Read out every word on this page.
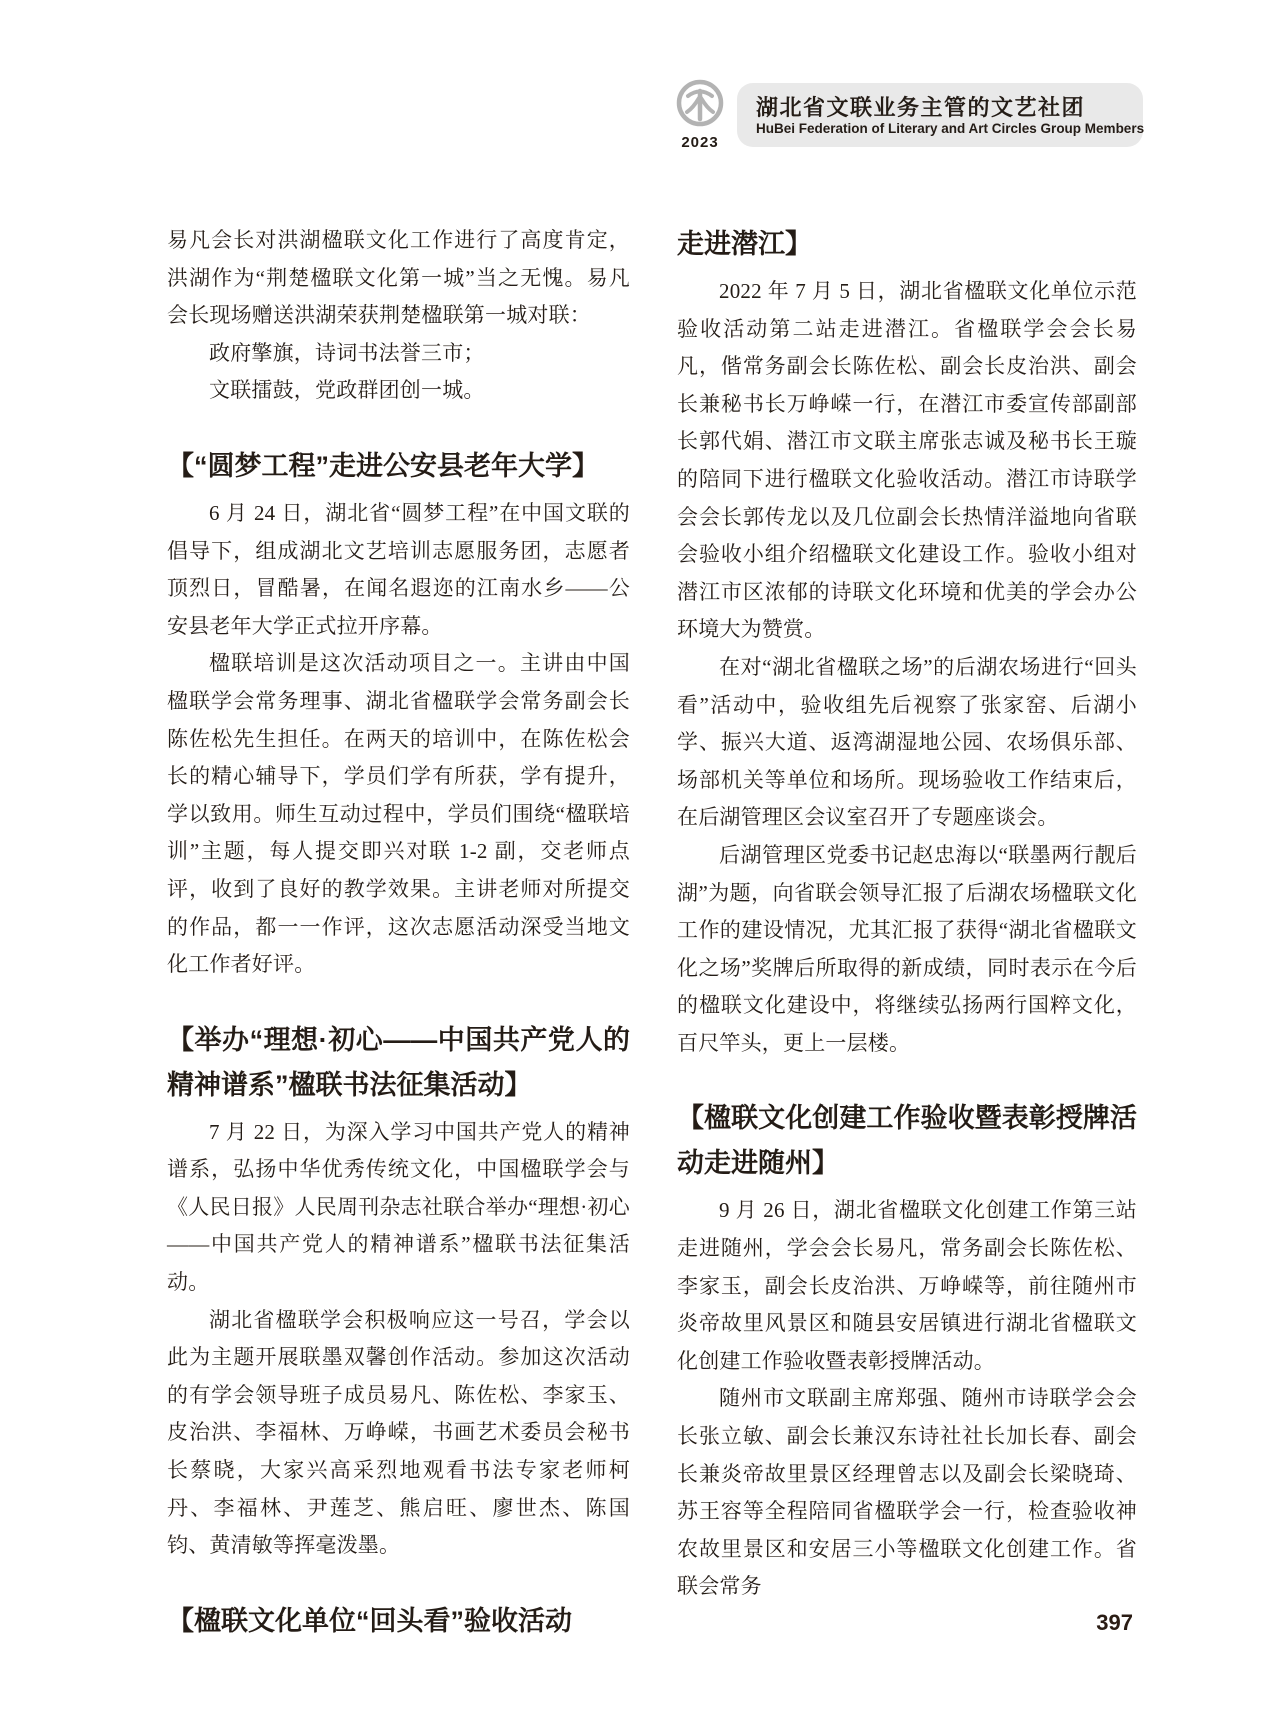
2023
湖北省文联业务主管的文艺社团
HuBei Federation of Literary and Art Circles Group Members
易凡会长对洪湖楹联文化工作进行了高度肯定，洪湖作为“荆楚楹联文化第一城”当之无愧。易凡会长现场赠送洪湖荣获荆楚楹联第一城对联：
政府擎旗，诗词书法誉三市；
文联擂鼓，党政群团创一城。
【“圆梦工程”走进公安县老年大学】
6 月 24 日，湖北省“圆梦工程”在中国文联的倡导下，组成湖北文艺培训志愿服务团，志愿者顶烈日，冒酷暑，在闻名遐迩的江南水乡——公安县老年大学正式拉开序幕。
楹联培训是这次活动项目之一。主讲由中国楹联学会常务理事、湖北省楹联学会常务副会长陈佐松先生担任。在两天的培训中，在陈佐松会长的精心辅导下，学员们学有所获，学有提升，学以致用。师生互动过程中，学员们围绕“楹联培训”主题，每人提交即兴对联 1-2 副，交老师点评，收到了良好的教学效果。主讲老师对所提交的作品，都一一作评，这次志愿活动深受当地文化工作者好评。
【举办“理想·初心——中国共产党人的精神谱系”楹联书法征集活动】
7 月 22 日，为深入学习中国共产党人的精神谱系，弘扬中华优秀传统文化，中国楹联学会与《人民日报》人民周刊杂志社联合举办“理想·初心——中国共产党人的精神谱系”楹联书法征集活动。
湖北省楹联学会积极响应这一号召，学会以此为主题开展联墨双馨创作活动。参加这次活动的有学会领导班子成员易凡、陈佐松、李家玉、皮治洪、李福林、万峥嵘，书画艺术委员会秘书长蔡晓，大家兴高采烈地观看书法专家老师柯丹、李福林、尹莲芝、熊启旺、廖世杰、陈国钧、黄清敏等挥毫泼墨。
【楹联文化单位“回头看”验收活动
走进潜江】
2022 年 7 月 5 日，湖北省楹联文化单位示范验收活动第二站走进潜江。省楹联学会会长易凡，偕常务副会长陈佐松、副会长皮治洪、副会长兼秘书长万峥嵘一行，在潜江市委宣传部副部长郭代娟、潜江市文联主席张志诚及秘书长王璇的陪同下进行楹联文化验收活动。潜江市诗联学会会长郭传龙以及几位副会长热情洋溢地向省联会验收小组介绍楹联文化建设工作。验收小组对潜江市区浓郁的诗联文化环境和优美的学会办公环境大为赞赏。
在对“湖北省楹联之场”的后湖农场进行“回头看”活动中，验收组先后视察了张家窑、后湖小学、振兴大道、返湾湖湿地公园、农场俱乐部、场部机关等单位和场所。现场验收工作结束后，在后湖管理区会议室召开了专题座谈会。
后湖管理区党委书记赵忠海以“联墨两行靓后湖”为题，向省联会领导汇报了后湖农场楹联文化工作的建设情况，尤其汇报了获得“湖北省楹联文化之场”奖牌后所取得的新成绩，同时表示在今后的楹联文化建设中，将继续弘扬两行国粹文化，百尺竿头，更上一层楼。
【楹联文化创建工作验收暨表彰授牌活动走进随州】
9 月 26 日，湖北省楹联文化创建工作第三站走进随州，学会会长易凡，常务副会长陈佐松、李家玉，副会长皮治洪、万峥嵘等，前往随州市炎帝故里风景区和随县安居镇进行湖北省楹联文化创建工作验收暨表彰授牌活动。
随州市文联副主席郑强、随州市诗联学会会长张立敏、副会长兼汉东诗社社长加长春、副会长兼炎帝故里景区经理曾志以及副会长梁晓琦、苏王容等全程陪同省楹联学会一行，检查验收神农故里景区和安居三小等楹联文化创建工作。省联会常务
397
